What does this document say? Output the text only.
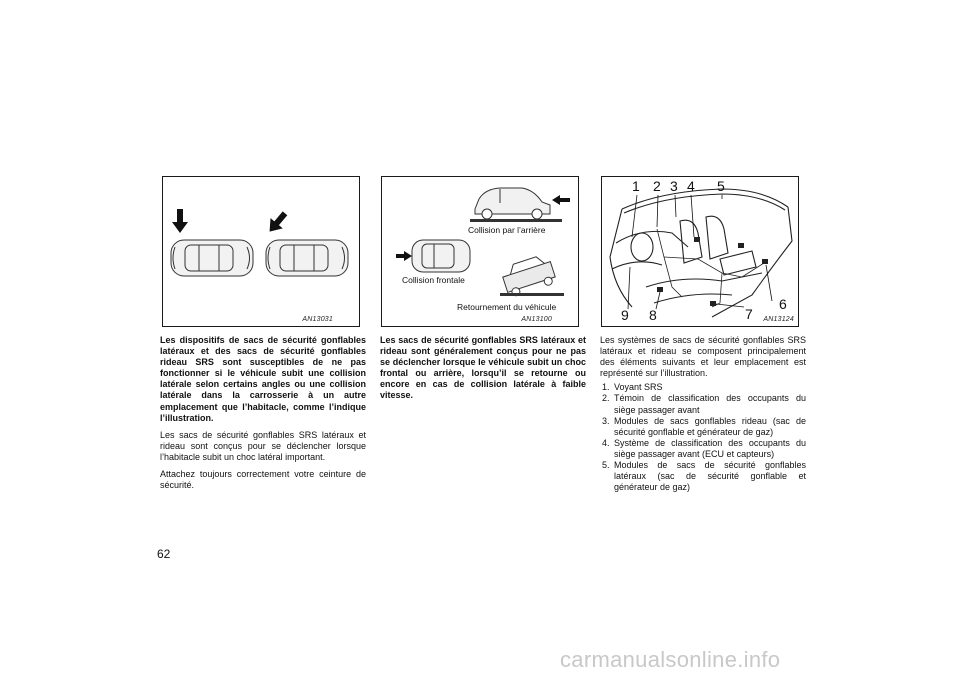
AN13031
Collision par l’arrière
Collision frontale
Retournement du véhicule
AN13100
1 2 3 4 5
6
7
8
9	AN13124

Les dispositifs de sacs de sécurité gonflables latéraux et des sacs de sécurité gonflables rideau SRS sont susceptibles de ne pas fonctionner si le véhicule subit une collision latérale selon certains angles ou une collision latérale dans la carrosserie à un autre emplacement que l’habitacle, comme l’indique l’illustration.

Les sacs de sécurité gonflables SRS latéraux et rideau sont conçus pour se déclencher lorsque l’habitacle subit un choc latéral important.

Attachez toujours correctement votre ceinture de sécurité.

Les sacs de sécurité gonflables SRS latéraux et rideau sont généralement conçus pour ne pas se déclencher lorsque le véhicule subit un choc frontal ou arrière, lorsqu’il se retourne ou encore en cas de collision latérale à faible vitesse.

Les systèmes de sacs de sécurité gonflables SRS latéraux et rideau se composent principalement des éléments suivants et leur emplacement est représenté sur l’illustration.

1. Voyant SRS

2. Témoin de classification des occupants du siège passager avant

3. Modules de sacs gonflables rideau (sac de sécurité gonflable et générateur de gaz)

4. Système de classification des occupants du siège passager avant (ECU et capteurs)

5. Modules de sacs de sécurité gonflables latéraux (sac de sécurité gonflable et générateur de gaz)

62
carmanualsonline.info
